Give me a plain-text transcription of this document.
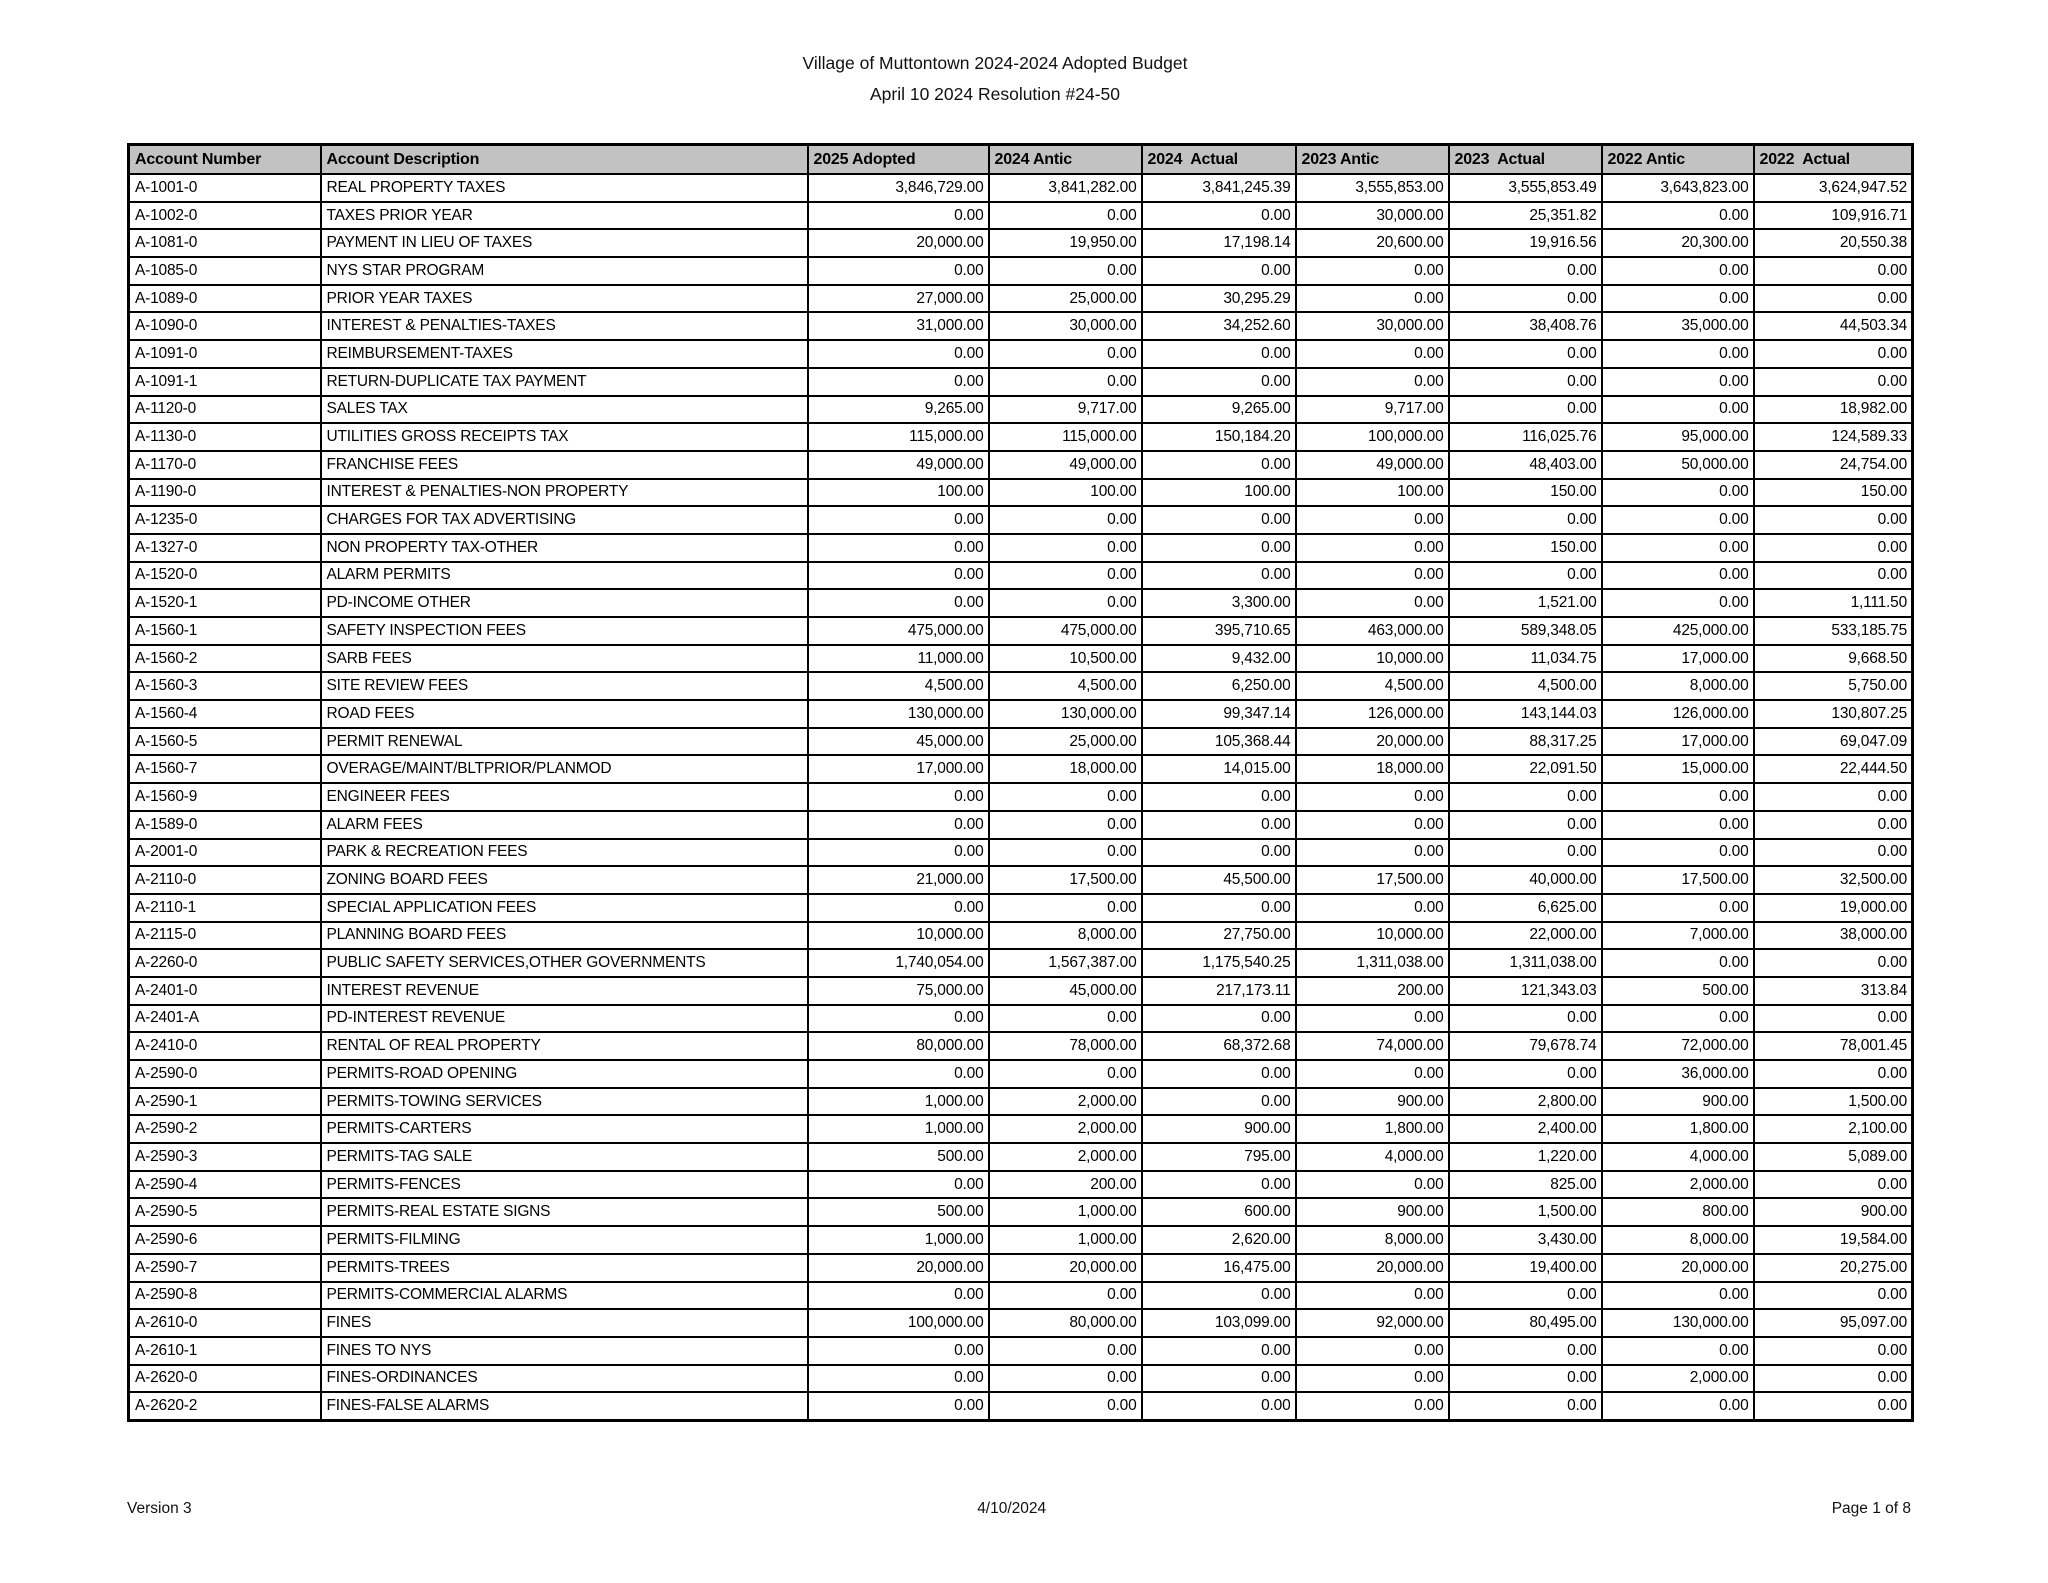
Village of Muttontown 2024-2024 Adopted Budget
April 10 2024 Resolution #24-50
Account Number	Account Description	2025 Adopted	2024 Antic	2024  Actual	2023 Antic	2023  Actual	2022 Antic	2022  Actual
A-1001-0	REAL PROPERTY TAXES	3,846,729.00	3,841,282.00	3,841,245.39	3,555,853.00	3,555,853.49	3,643,823.00	3,624,947.52
A-1002-0	TAXES PRIOR YEAR	0.00	0.00	0.00	30,000.00	25,351.82	0.00	109,916.71
A-1081-0	PAYMENT IN LIEU OF TAXES	20,000.00	19,950.00	17,198.14	20,600.00	19,916.56	20,300.00	20,550.38
A-1085-0	NYS STAR PROGRAM	0.00	0.00	0.00	0.00	0.00	0.00	0.00
A-1089-0	PRIOR YEAR TAXES	27,000.00	25,000.00	30,295.29	0.00	0.00	0.00	0.00
A-1090-0	INTEREST & PENALTIES-TAXES	31,000.00	30,000.00	34,252.60	30,000.00	38,408.76	35,000.00	44,503.34
A-1091-0	REIMBURSEMENT-TAXES	0.00	0.00	0.00	0.00	0.00	0.00	0.00
A-1091-1	RETURN-DUPLICATE TAX PAYMENT	0.00	0.00	0.00	0.00	0.00	0.00	0.00
A-1120-0	SALES TAX	9,265.00	9,717.00	9,265.00	9,717.00	0.00	0.00	18,982.00
A-1130-0	UTILITIES GROSS RECEIPTS TAX	115,000.00	115,000.00	150,184.20	100,000.00	116,025.76	95,000.00	124,589.33
A-1170-0	FRANCHISE FEES	49,000.00	49,000.00	0.00	49,000.00	48,403.00	50,000.00	24,754.00
A-1190-0	INTEREST & PENALTIES-NON PROPERTY	100.00	100.00	100.00	100.00	150.00	0.00	150.00
A-1235-0	CHARGES FOR TAX ADVERTISING	0.00	0.00	0.00	0.00	0.00	0.00	0.00
A-1327-0	NON PROPERTY TAX-OTHER	0.00	0.00	0.00	0.00	150.00	0.00	0.00
A-1520-0	ALARM PERMITS	0.00	0.00	0.00	0.00	0.00	0.00	0.00
A-1520-1	PD-INCOME OTHER	0.00	0.00	3,300.00	0.00	1,521.00	0.00	1,111.50
A-1560-1	SAFETY INSPECTION FEES	475,000.00	475,000.00	395,710.65	463,000.00	589,348.05	425,000.00	533,185.75
A-1560-2	SARB FEES	11,000.00	10,500.00	9,432.00	10,000.00	11,034.75	17,000.00	9,668.50
A-1560-3	SITE REVIEW FEES	4,500.00	4,500.00	6,250.00	4,500.00	4,500.00	8,000.00	5,750.00
A-1560-4	ROAD FEES	130,000.00	130,000.00	99,347.14	126,000.00	143,144.03	126,000.00	130,807.25
A-1560-5	PERMIT RENEWAL	45,000.00	25,000.00	105,368.44	20,000.00	88,317.25	17,000.00	69,047.09
A-1560-7	OVERAGE/MAINT/BLTPRIOR/PLANMOD	17,000.00	18,000.00	14,015.00	18,000.00	22,091.50	15,000.00	22,444.50
A-1560-9	ENGINEER FEES	0.00	0.00	0.00	0.00	0.00	0.00	0.00
A-1589-0	ALARM FEES	0.00	0.00	0.00	0.00	0.00	0.00	0.00
A-2001-0	PARK & RECREATION FEES	0.00	0.00	0.00	0.00	0.00	0.00	0.00
A-2110-0	ZONING BOARD FEES	21,000.00	17,500.00	45,500.00	17,500.00	40,000.00	17,500.00	32,500.00
A-2110-1	SPECIAL APPLICATION FEES	0.00	0.00	0.00	0.00	6,625.00	0.00	19,000.00
A-2115-0	PLANNING BOARD FEES	10,000.00	8,000.00	27,750.00	10,000.00	22,000.00	7,000.00	38,000.00
A-2260-0	PUBLIC SAFETY SERVICES,OTHER GOVERNMENTS	1,740,054.00	1,567,387.00	1,175,540.25	1,311,038.00	1,311,038.00	0.00	0.00
A-2401-0	INTEREST REVENUE	75,000.00	45,000.00	217,173.11	200.00	121,343.03	500.00	313.84
A-2401-A	PD-INTEREST REVENUE	0.00	0.00	0.00	0.00	0.00	0.00	0.00
A-2410-0	RENTAL OF REAL PROPERTY	80,000.00	78,000.00	68,372.68	74,000.00	79,678.74	72,000.00	78,001.45
A-2590-0	PERMITS-ROAD OPENING	0.00	0.00	0.00	0.00	0.00	36,000.00	0.00
A-2590-1	PERMITS-TOWING SERVICES	1,000.00	2,000.00	0.00	900.00	2,800.00	900.00	1,500.00
A-2590-2	PERMITS-CARTERS	1,000.00	2,000.00	900.00	1,800.00	2,400.00	1,800.00	2,100.00
A-2590-3	PERMITS-TAG SALE	500.00	2,000.00	795.00	4,000.00	1,220.00	4,000.00	5,089.00
A-2590-4	PERMITS-FENCES	0.00	200.00	0.00	0.00	825.00	2,000.00	0.00
A-2590-5	PERMITS-REAL ESTATE SIGNS	500.00	1,000.00	600.00	900.00	1,500.00	800.00	900.00
A-2590-6	PERMITS-FILMING	1,000.00	1,000.00	2,620.00	8,000.00	3,430.00	8,000.00	19,584.00
A-2590-7	PERMITS-TREES	20,000.00	20,000.00	16,475.00	20,000.00	19,400.00	20,000.00	20,275.00
A-2590-8	PERMITS-COMMERCIAL ALARMS	0.00	0.00	0.00	0.00	0.00	0.00	0.00
A-2610-0	FINES	100,000.00	80,000.00	103,099.00	92,000.00	80,495.00	130,000.00	95,097.00
A-2610-1	FINES TO NYS	0.00	0.00	0.00	0.00	0.00	0.00	0.00
A-2620-0	FINES-ORDINANCES	0.00	0.00	0.00	0.00	0.00	2,000.00	0.00
A-2620-2	FINES-FALSE ALARMS	0.00	0.00	0.00	0.00	0.00	0.00	0.00
Version 3	4/10/2024	Page 1 of 8
